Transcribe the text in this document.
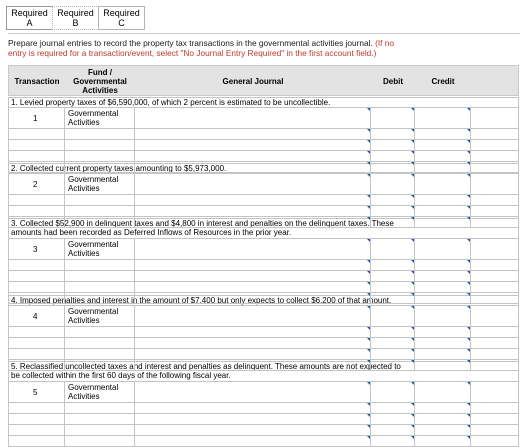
Required
A
Required
B
Required
C
Prepare journal entries to record the property tax transactions in the governmental activities journal. (If no
entry is required for a transaction/event, select "No Journal Entry Required" in the first account field.)
Transaction
Fund /
Governmental
Activities
General Journal	Debit	Credit
1. Levied property taxes of $6,590,000, of which 2 percent is estimated to be uncollectible.
2. Collected current property taxes amounting to $5,973,000.
3. Collected $52,900 in delinquent taxes and $4,800 in interest and penalties on the delinquent taxes. These
amounts had been recorded as Deferred Inflows of Resources in the prior year.
4. Imposed penalties and interest in the amount of $7,400 but only expects to collect $6,200 of that amount.
5. Reclassified uncollected taxes and interest and penalties as delinquent. These amounts are not expected to
be collected within the first 60 days of the following fiscal year.
1
Governmental
Activities
2
Governmental
Activities
3
Governmental
Activities
4
Governmental
Activities
5
Governmental
Activities
